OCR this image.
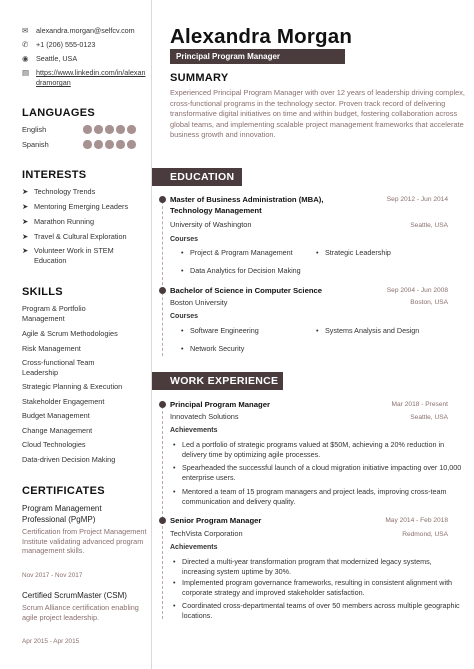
✉	alexandra.morgan@selfcv.com
✆	+1 (206) 555-0123
◉	Seattle, USA
▤ https://www.linkedin.com/in/alexandramorgan
LANGUAGES
English
Spanish
INTERESTS
➤ Technology Trends
➤ Mentoring Emerging Leaders
➤ Marathon Running
➤ Travel & Cultural Exploration
➤ Volunteer Work in STEM Education
SKILLS
Program & Portfolio Management
Agile & Scrum Methodologies
Risk Management
Cross-functional Team Leadership
Strategic Planning & Execution
Stakeholder Engagement
Budget Management
Change Management
Cloud Technologies
Data-driven Decision Making
CERTIFICATES
Program Management Professional (PgMP)
Certification from Project Management Institute validating advanced program management skills.
Nov 2017 - Nov 2017
Certified ScrumMaster (CSM)
Scrum Alliance certification enabling agile project leadership.
Apr 2015 - Apr 2015
Alexandra Morgan
Principal Program Manager
SUMMARY
Experienced Principal Program Manager with over 12 years of leadership driving complex, cross-functional programs in the technology sector. Proven track record of delivering transformative digital initiatives on time and within budget, fostering collaboration across global teams, and implementing scalable project management frameworks that accelerate business growth and innovation.
EDUCATION
Master of Business Administration (MBA), Technology Management
Sep 2012 - Jun 2014
University of Washington	Seattle, USA
Courses
• Project & Program Management	• Strategic Leadership
• Data Analytics for Decision Making
Bachelor of Science in Computer Science	Sep 2004 - Jun 2008
Boston University	Boston, USA
Courses
• Software Engineering	• Systems Analysis and Design
• Network Security
WORK EXPERIENCE
Principal Program Manager	Mar 2018 - Present
Innovatech Solutions	Seattle, USA
Achievements
• Led a portfolio of strategic programs valued at $50M, achieving a 20% reduction in delivery time by optimizing agile processes.
• Spearheaded the successful launch of a cloud migration initiative impacting over 10,000 enterprise users.
• Mentored a team of 15 program managers and project leads, improving cross-team communication and delivery quality.
Senior Program Manager	May 2014 - Feb 2018
TechVista Corporation	Redmond, USA
Achievements
• Directed a multi-year transformation program that modernized legacy systems, increasing system uptime by 30%.
• Implemented program governance frameworks, resulting in consistent alignment with corporate strategy and improved stakeholder satisfaction.
• Coordinated cross-departmental teams of over 50 members across multiple geographic locations.
